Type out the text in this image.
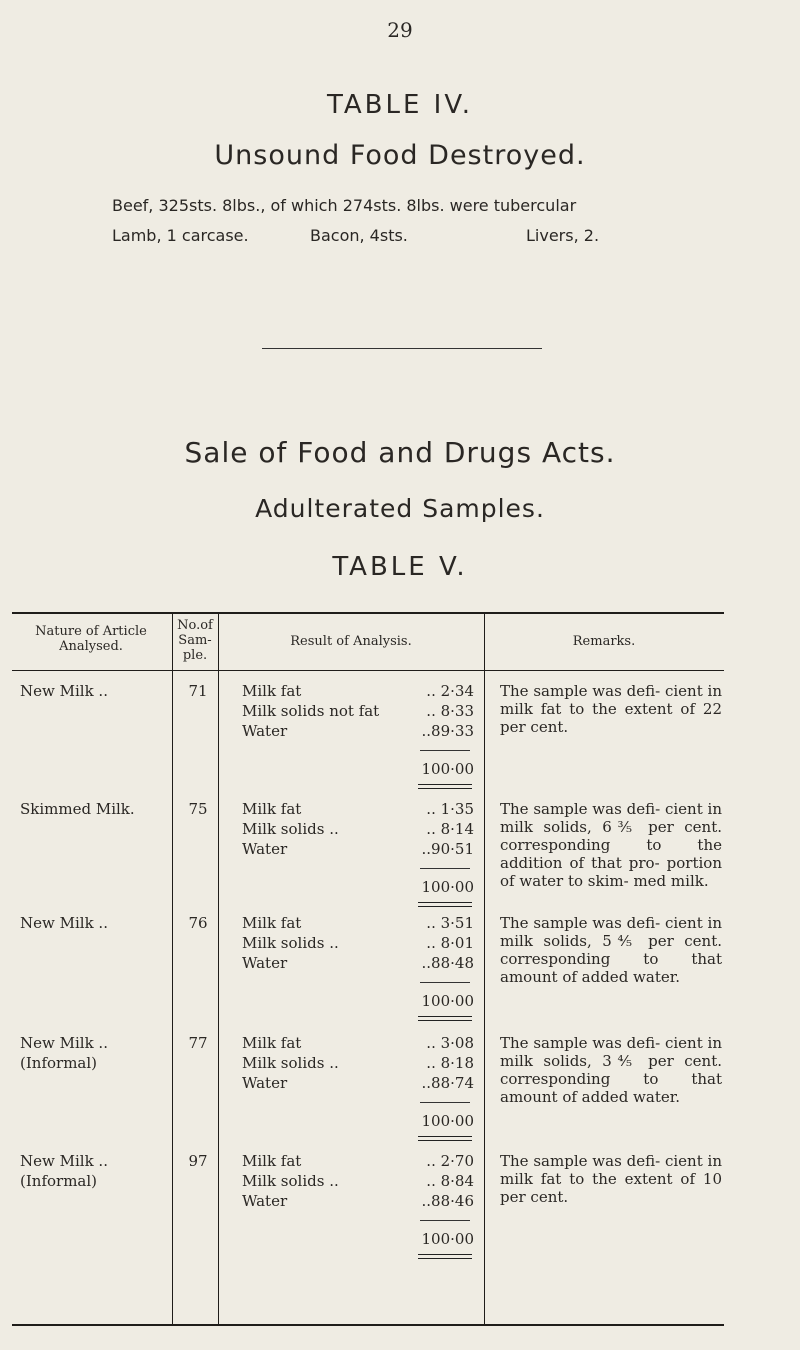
29
TABLE IV.
Unsound Food Destroyed.
Beef, 325sts. 8lbs., of which 274sts. 8lbs. were tubercular
Lamb, 1 carcase.	Bacon, 4sts.	Livers, 2.
Sale of Food and Drugs Acts.
Adulterated Samples.
TABLE V.
Nature of Article Analysed.
No.of Sam- ple.
Result of Analysis.	Remarks.
New Milk ..	71	Milk fat	.. 2·34
Milk solids not fat	.. 8·33
Water	..89·33
100·00
The sample was defi- cient in milk fat to the extent of 22 per cent.
Skimmed Milk.	75	Milk fat	.. 1·35
Milk solids ..	.. 8·14
Water	..90·51
100·00
The sample was defi- cient in milk solids, 6⅗ per cent. corresponding to the addition of that pro- portion of water to skim- med milk.
New Milk ..	76	Milk fat	.. 3·51
Milk solids ..	.. 8·01
Water	..88·48
100·00
The sample was defi- cient in milk solids, 5⅘ per cent. corresponding to that amount of added water.
New Milk ..
(Informal)
77	Milk fat	.. 3·08
Milk solids ..	.. 8·18
Water	..88·74
100·00
The sample was defi- cient in milk solids, 3⅘ per cent. corresponding to that amount of added water.
New Milk ..
(Informal)
97	Milk fat	.. 2·70
Milk solids ..	.. 8·84
Water	..88·46
100·00
The sample was defi- cient in milk fat to the extent of 10 per cent.
